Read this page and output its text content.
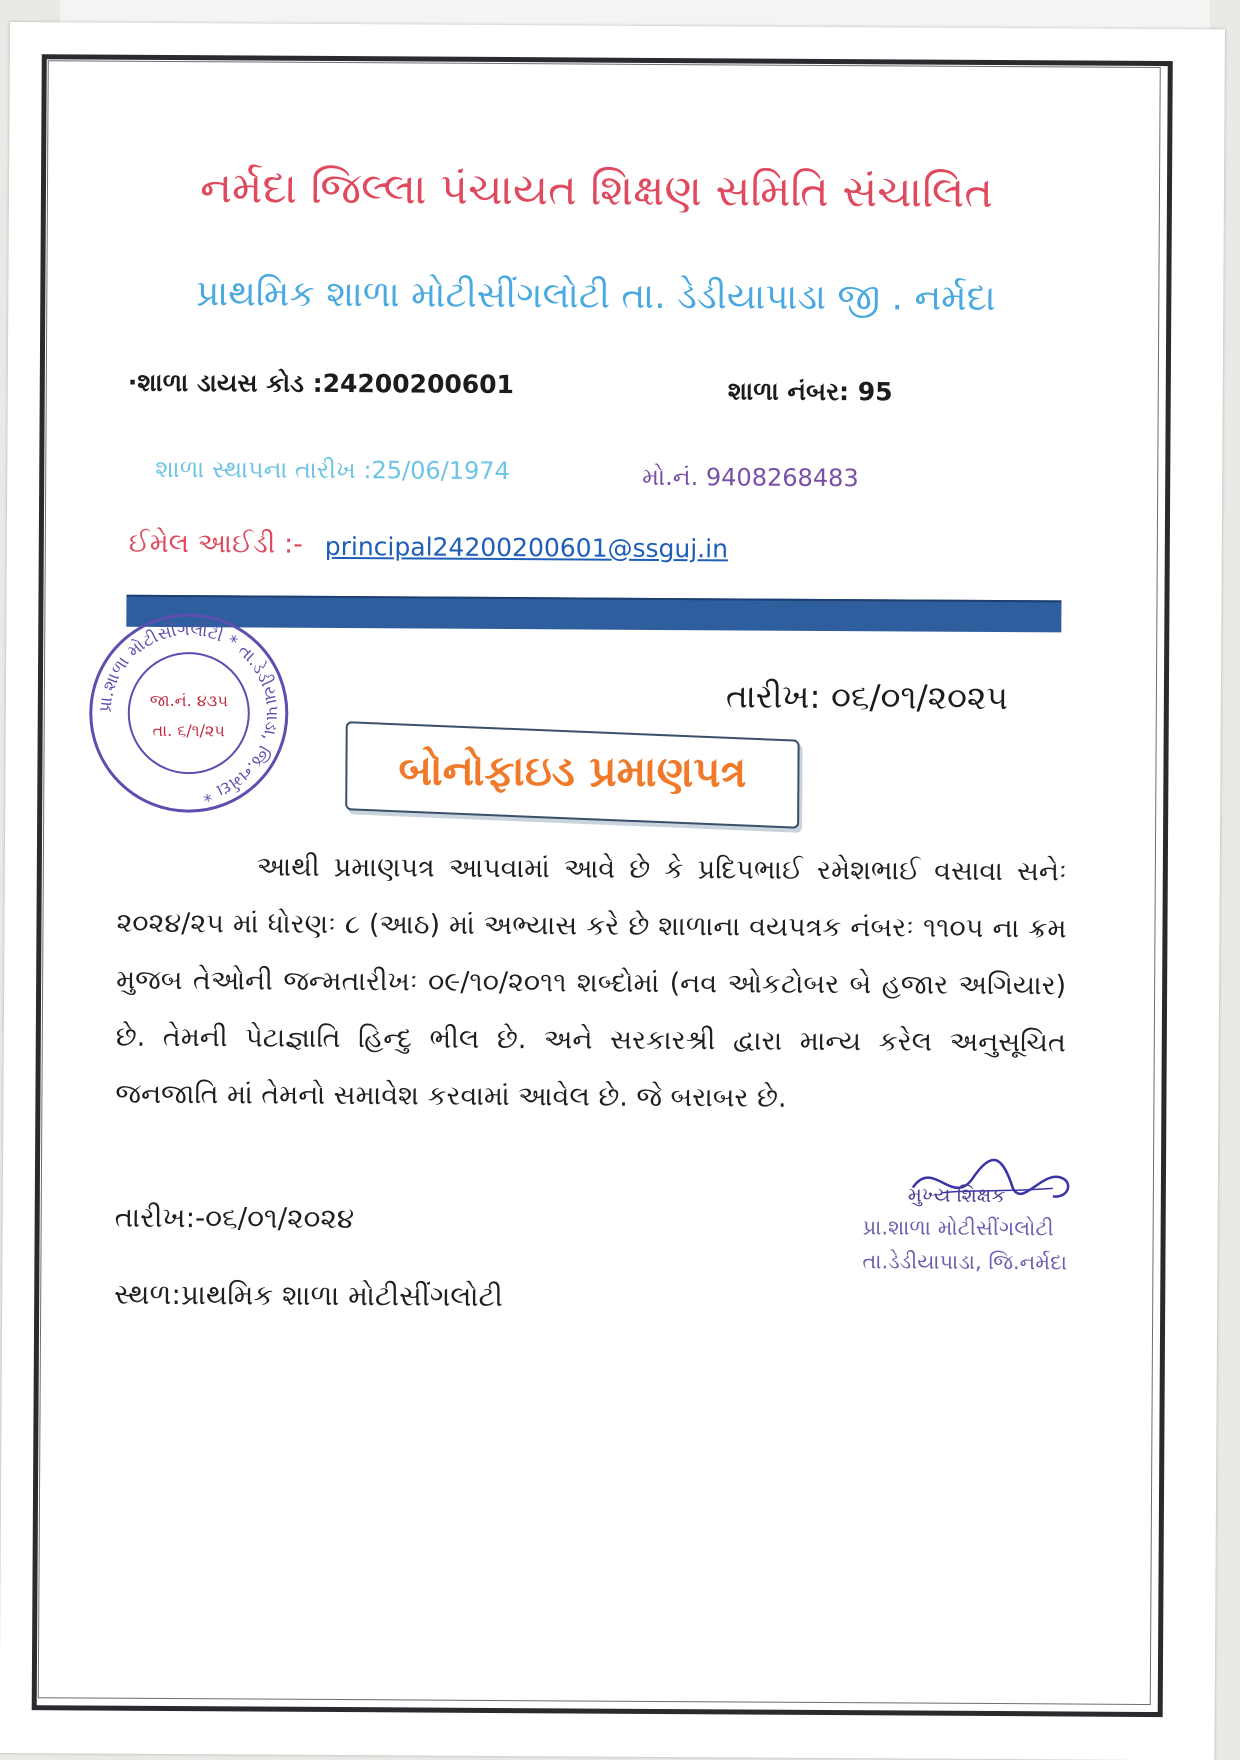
નર્મદા જિલ્લા પંચાયત શિક્ષણ સમિતિ સંચાલિત
પ્રાથમિક શાળા મોટીસીંગલોટી તા. ડેડીયાપાડા જી . નર્મદા
·શાળા ડાયસ કોડ :24200200601	શાળા નંબર: 95
શાળા સ્થાપના તારીખ :25/06/1974	મો.નં. 9408268483
ઈમેલ આઈડી :- principal24200200601@ssguj.in
પ્રા.શાળા મોટીસીંગલોટી * તા.ડેડીયાપાડા, જિ.નર્મદા *
જા.નં. ૪૩૫
તા. ૬/૧/૨૫
તારીખ: ૦૬/૦૧/૨૦૨૫
બોનોફાઇડ પ્રમાણપત્ર
આથી પ્રમાણપત્ર આપવામાં આવે છે કે પ્રદિપભાઈ રમેશભાઈ વસાવા સનેઃ ૨૦૨૪/૨૫ માં ધોરણઃ ૮ (આઠ) માં અભ્યાસ કરે છે શાળાના વયપત્રક નંબરઃ ૧૧૦૫ ના ક્રમ મુજબ તેઓની જન્મતારીખઃ ૦૯/૧૦/૨૦૧૧ શબ્દોમાં (નવ ઓકટોબર બે હજાર અગિયાર) છે. તેમની પેટાજ્ઞાતિ હિન્દુ ભીલ છે. અને સરકારશ્રી દ્વારા માન્ય કરેલ અનુસૂચિત જનજાતિ માં તેમનો સમાવેશ કરવામાં આવેલ છે. જે બરાબર છે.
મુખ્ય શિક્ષક
પ્રા.શાળા મોટીસીંગલોટી
તા.ડેડીયાપાડા, જિ.નર્મદા
તારીખ:-૦૬/૦૧/૨૦૨૪
સ્થળ:પ્રાથમિક શાળા મોટીસીંગલોટી
